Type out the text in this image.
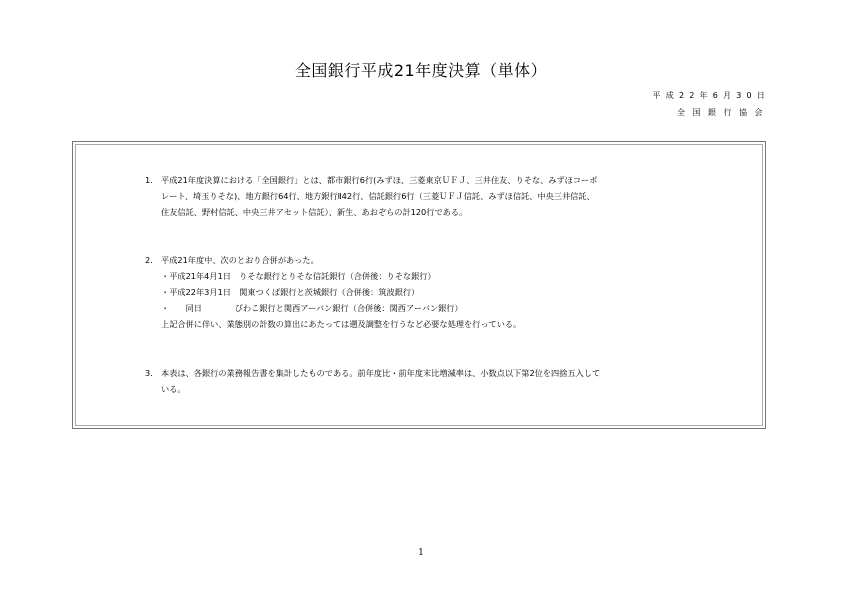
全国銀行平成21年度決算（単体）
平成22年6月30日
全国銀行協会
1. 平成21年度決算における「全国銀行」とは、都市銀行6行(みずほ、三菱東京ＵＦＪ、三井住友、りそな、みずほコーポ
レート、埼玉りそな)、地方銀行64行、地方銀行Ⅱ42行、信託銀行6行（三菱ＵＦＪ信託、みずほ信託、中央三井信託、
住友信託、野村信託、中央三井アセット信託）、新生、あおぞらの計120行である。
2. 平成21年度中、次のとおり合併があった。
・平成21年4月1日　りそな銀行とりそな信託銀行（合併後：りそな銀行）
・平成22年3月1日　関東つくば銀行と茨城銀行（合併後：筑波銀行）
・　　同日　　　　びわこ銀行と関西アーバン銀行（合併後：関西アーバン銀行）
上記合併に伴い、業態別の計数の算出にあたっては遡及調整を行うなど必要な処理を行っている。
3. 本表は、各銀行の業務報告書を集計したものである。前年度比・前年度末比増減率は、小数点以下第2位を四捨五入して
いる。
1
